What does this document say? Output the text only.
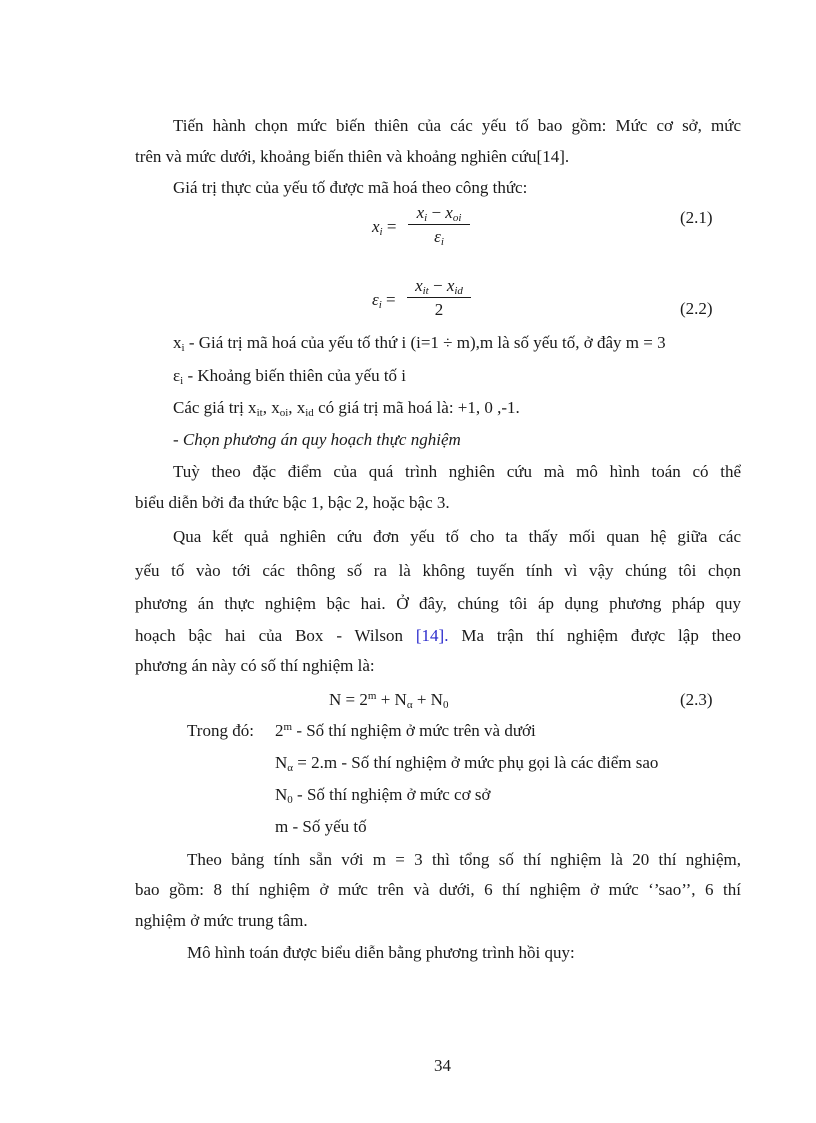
Tiến hành chọn mức biến thiên của các yếu tố bao gồm: Mức cơ sở, mức
trên và mức dưới, khoảng biến thiên và khoảng nghiên cứu[14].
Giá trị thực của yếu tố được mã hoá theo công thức:
$x_i$ =
$x_i - x_{oi}$
$\varepsilon_i$
(2.1)
$\varepsilon_i$ =
$x_{it} - x_{id}$
2	(2.2)
$x_i$ - Giá trị mã hoá của yếu tố thứ i (i=1 ÷ m),m là số yếu tố, ở đây m = 3
$\varepsilon_i$ - Khoảng biến thiên của yếu tố i
Các giá trị $x_{it}$, $x_{oi}$, $x_{id}$ có giá trị mã hoá là: +1, 0 ,-1.
- Chọn phương án quy hoạch thực nghiệm
Tuỳ theo đặc điểm của quá trình nghiên cứu mà mô hình toán có thể
biểu diễn bởi đa thức bậc 1, bậc 2, hoặc bậc 3.
Qua kết quả nghiên cứu đơn yếu tố cho ta thấy mối quan hệ giữa các
yếu tố vào tới các thông số ra là không tuyến tính vì vậy chúng tôi chọn
phương án thực nghiệm bậc hai. Ở đây, chúng tôi áp dụng phương pháp quy
hoạch bậc hai của Box - Wilson [14]. Ma trận thí nghiệm được lập theo
phương án này có số thí nghiệm là:
$N = 2^m + N_\alpha + N_0$	(2.3)
Trong đó: 2$^m$ - Số thí nghiệm ở mức trên và dưới
$N_\alpha = 2.m$ - Số thí nghiệm ở mức phụ gọi là các điểm sao
$N_0$ - Số thí nghiệm ở mức cơ sở
m - Số yếu tố
Theo bảng tính sẵn với m = 3 thì tổng số thí nghiệm là 20 thí nghiệm,
bao gồm: 8 thí nghiệm ở mức trên và dưới, 6 thí nghiệm ở mức ‘’sao’’, 6 thí
nghiệm ở mức trung tâm.
Mô hình toán được biểu diễn bằng phương trình hồi quy:
34
